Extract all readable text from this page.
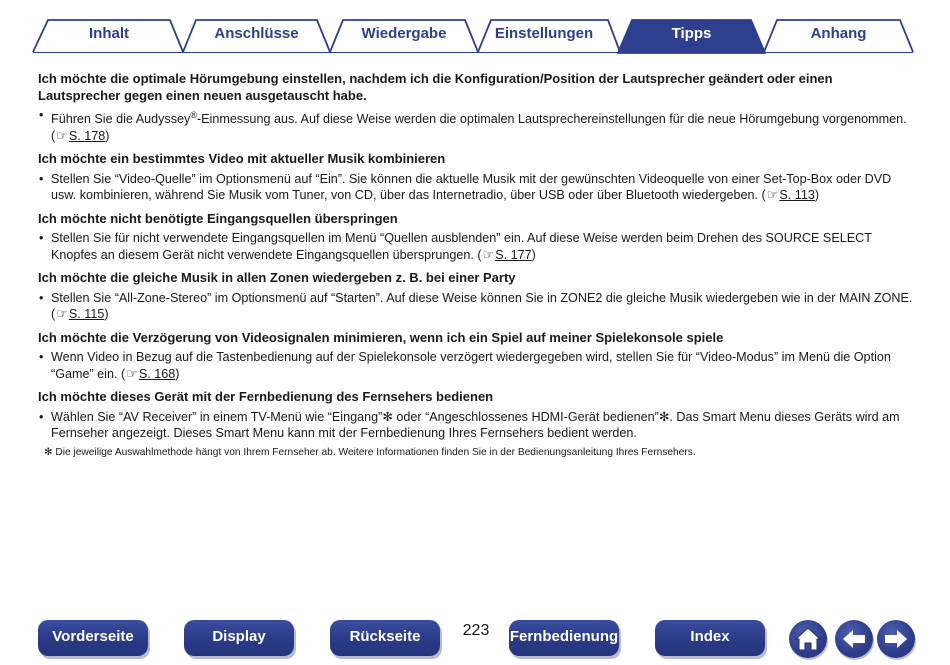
Inhalt	Anschlüsse	Wiedergabe	Einstellungen	Tipps	Anhang

Ich möchte die optimale Hörumgebung einstellen, nachdem ich die Konfiguration/Position der Lautsprecher geändert oder einen Lautsprecher gegen einen neuen ausgetauscht habe.

• Führen Sie die Audyssey®-Einmessung aus. Auf diese Weise werden die optimalen Lautsprechereinstellungen für die neue Hörumgebung vorgenommen. (☞S. 178)

Ich möchte ein bestimmtes Video mit aktueller Musik kombinieren

• Stellen Sie “Video-Quelle” im Optionsmenü auf “Ein”. Sie können die aktuelle Musik mit der gewünschten Videoquelle von einer Set-Top-Box oder DVD usw. kombinieren, während Sie Musik vom Tuner, von CD, über das Internetradio, über USB oder über Bluetooth wiedergeben. (☞S. 113)

Ich möchte nicht benötigte Eingangsquellen überspringen

• Stellen Sie für nicht verwendete Eingangsquellen im Menü “Quellen ausblenden” ein. Auf diese Weise werden beim Drehen des SOURCE SELECT Knopfes an diesem Gerät nicht verwendete Eingangsquellen übersprungen. (☞S. 177)

Ich möchte die gleiche Musik in allen Zonen wiedergeben z. B. bei einer Party

• Stellen Sie “All-Zone-Stereo” im Optionsmenü auf “Starten”. Auf diese Weise können Sie in ZONE2 die gleiche Musik wiedergeben wie in der MAIN ZONE. (☞S. 115)

Ich möchte die Verzögerung von Videosignalen minimieren, wenn ich ein Spiel auf meiner Spielekonsole spiele

• Wenn Video in Bezug auf die Tastenbedienung auf der Spielekonsole verzögert wiedergegeben wird, stellen Sie für “Video-Modus” im Menü die Option “Game” ein. (☞S. 168)

Ich möchte dieses Gerät mit der Fernbedienung des Fernsehers bedienen

• Wählen Sie “AV Receiver” in einem TV-Menü wie “Eingang”✻ oder “Angeschlossenes HDMI-Gerät bedienen”✻. Das Smart Menu dieses Geräts wird am Fernseher angezeigt. Dieses Smart Menu kann mit der Fernbedienung Ihres Fernsehers bedient werden.
✻ Die jeweilige Auswahlmethode hängt von Ihrem Fernseher ab. Weitere Informationen finden Sie in der Bedienungsanleitung Ihres Fernsehers.
Vorderseite	Display	Rückseite	223	Fernbedienung	Index
